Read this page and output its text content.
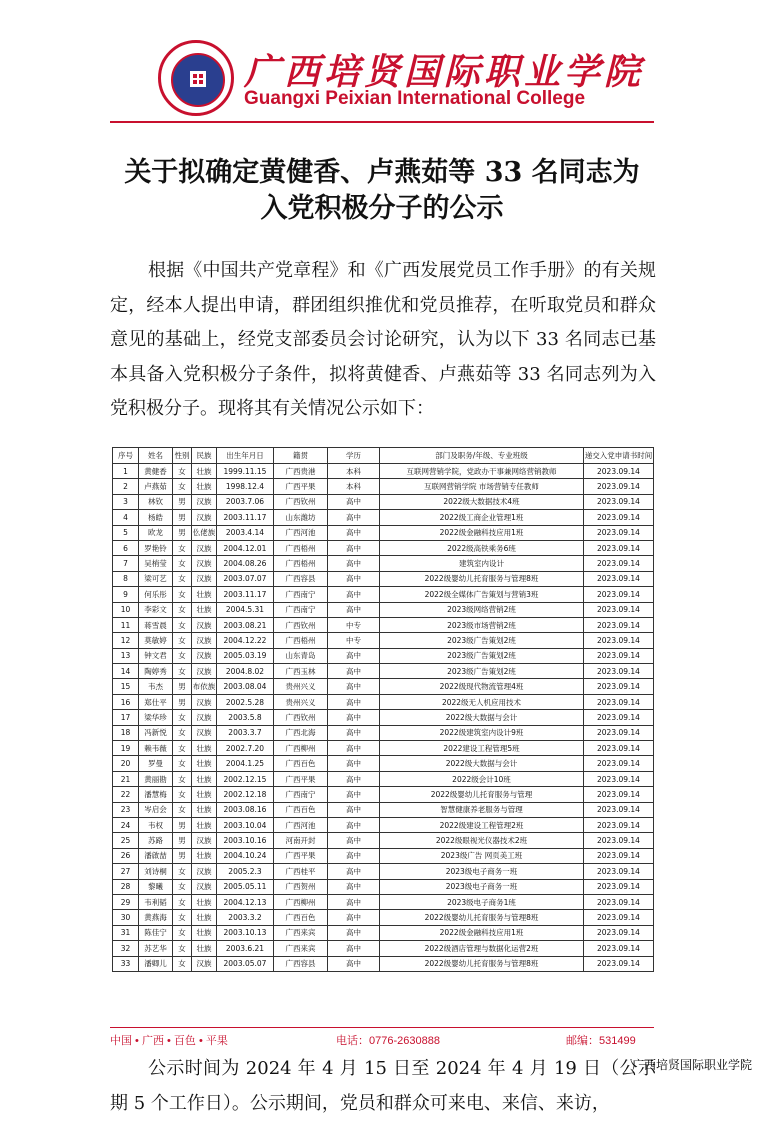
广西培贤国际职业学院
Guangxi Peixian International College
关于拟确定黄健香、卢燕茹等 33 名同志为
入党积极分子的公示
根据《中国共产党章程》和《广西发展党员工作手册》的有关规定，经本人提出申请，群团组织推优和党员推荐，在听取党员和群众意见的基础上，经党支部委员会讨论研究，认为以下 33 名同志已基本具备入党积极分子条件，拟将黄健香、卢燕茹等 33 名同志列为入党积极分子。现将其有关情况公示如下：
序号	姓名	性别	民族	出生年月日	籍贯	学历	部门及职务/年级、专业班级	递交入党申请书时间
1	黄健香	女	壮族	1999.11.15	广西贵港	本科	互联网营销学院，党政办干事兼网络营销教师	2023.09.14
2	卢燕茹	女	壮族	1998.12.4	广西平果	本科	互联网营销学院 市场营销专任教师	2023.09.14
3	林钦	男	汉族	2003.7.06	广西钦州	高中	2022级大数据技术4班	2023.09.14
4	杨皓	男	汉族	2003.11.17	山东潍坊	高中	2022级工商企业管理1班	2023.09.14
5	欧龙	男	仫佬族	2003.4.14	广西河池	高中	2022级金融科技应用1班	2023.09.14
6	罗艳铃	女	汉族	2004.12.01	广西梧州	高中	2022级高铁乘务6班	2023.09.14
7	吴梢莹	女	汉族	2004.08.26	广西梧州	高中	建筑室内设计	2023.09.14
8	梁可艺	女	汉族	2003.07.07	广西容县	高中	2022级婴幼儿托育服务与管理8班	2023.09.14
9	何乐彤	女	壮族	2003.11.17	广西南宁	高中	2022级全媒体广告策划与营销3班	2023.09.14
10	李彩文	女	壮族	2004.5.31	广西南宁	高中	2023级网络营销2班	2023.09.14
11	蒋雪晨	女	汉族	2003.08.21	广西钦州	中专	2023级市场营销2班	2023.09.14
12	莫敏婷	女	汉族	2004.12.22	广西梧州	中专	2023级广告策划2班	2023.09.14
13	钟文君	女	汉族	2005.03.19	山东青岛	高中	2023级广告策划2班	2023.09.14
14	陶婷秀	女	汉族	2004.8.02	广西玉林	高中	2023级广告策划2班	2023.09.14
15	韦杰	男	布依族	2003.08.04	贵州兴义	高中	2022级现代物流管理4班	2023.09.14
16	郑仕平	男	汉族	2002.5.28	贵州兴义	高中	2022级无人机应用技术	2023.09.14
17	梁华珍	女	汉族	2003.5.8	广西钦州	高中	2022级大数据与会计	2023.09.14
18	冯新悦	女	汉族	2003.3.7	广西北海	高中	2022级建筑室内设计9班	2023.09.14
19	赖韦薇	女	壮族	2002.7.20	广西柳州	高中	2022建设工程管理5班	2023.09.14
20	罗曼	女	壮族	2004.1.25	广西百色	高中	2022级大数据与会计	2023.09.14
21	黄丽勘	女	壮族	2002.12.15	广西平果	高中	2022级会计10班	2023.09.14
22	潘慧梅	女	壮族	2002.12.18	广西南宁	高中	2022级婴幼儿托育服务与管理	2023.09.14
23	岑启会	女	壮族	2003.08.16	广西百色	高中	智慧健康养老服务与管理	2023.09.14
24	韦权	男	壮族	2003.10.04	广西河池	高中	2022级建设工程管理2班	2023.09.14
25	苏路	男	汉族	2003.10.16	河南开封	高中	2022级眼视光仪器技术2班	2023.09.14
26	潘啟喆	男	壮族	2004.10.24	广西平果	高中	2023级广告 网页美工班	2023.09.14
27	刘诗桐	女	汉族	2005.2.3	广西桂平	高中	2023级电子商务一班	2023.09.14
28	黎曦	女	汉族	2005.05.11	广西贺州	高中	2023级电子商务一班	2023.09.14
29	韦利韬	女	壮族	2004.12.13	广西柳州	高中	2023级电子商务1班	2023.09.14
30	黄燕海	女	壮族	2003.3.2	广西百色	高中	2022级婴幼儿托育服务与管理8班	2023.09.14
31	陈佳宁	女	壮族	2003.10.13	广西来宾	高中	2022级金融科技应用1班	2023.09.14
32	苏艺华	女	壮族	2003.6.21	广西来宾	高中	2022级酒店管理与数据化运营2班	2023.09.14
33	潘卿儿	女	汉族	2003.05.07	广西容县	高中	2022级婴幼儿托育服务与管理8班	2023.09.14
公示时间为 2024 年 4 月 15 日至 2024 年 4 月 19 日（公示期 5 个工作日）。公示期间，党员和群众可来电、来信、来访，
中国 • 广西 • 百色 • 平果	电话：0776-2630888	邮编：531499
广西培贤国际职业学院
